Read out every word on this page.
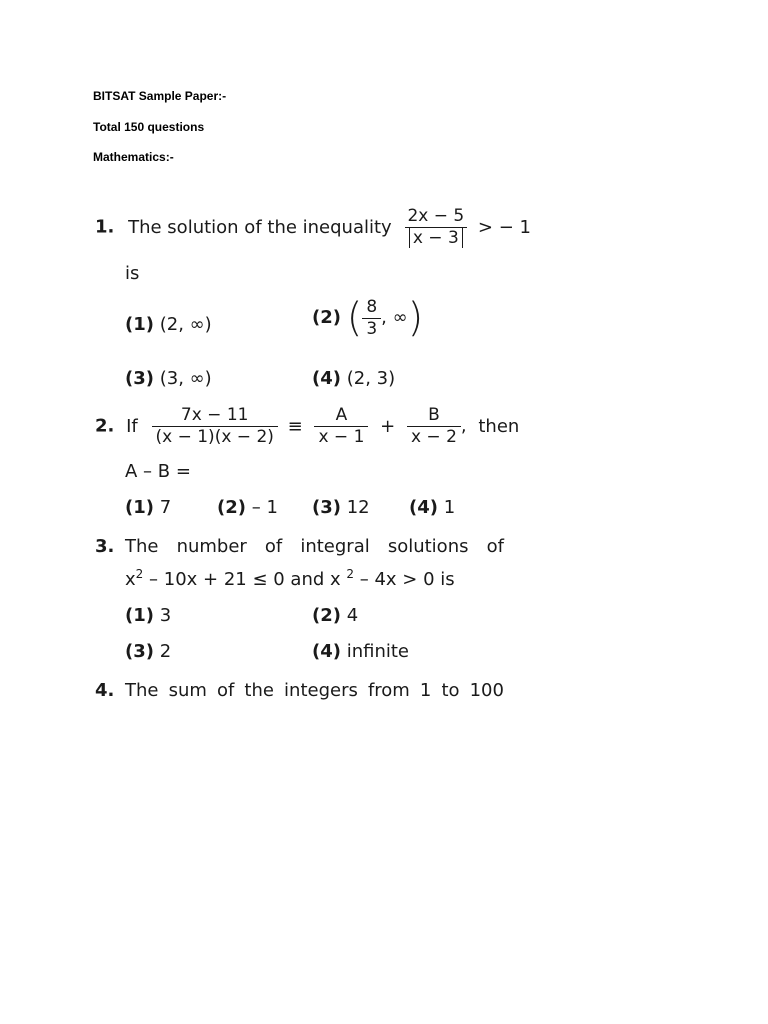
BITSAT Sample Paper:-
Total 150 questions
Mathematics:-
1. The solution of the inequality $\frac{2x - 5}{x - 3}$ > − 1
is
(1) (2, ∞)	(2) ( $\frac{8}{3}$ , ∞)
(3) (3, ∞)	(4) (2, 3)
2. If $\frac{7x - 11}{(x - 1)(x - 2)} \equiv \frac{A}{x - 1} + \frac{B}{x - 2}$ , then
A – B =
(1) 7	(2) – 1 (3) 12 (4) 1
3. The number of integral solutions of
$x^2 - 10x + 21 \le 0$ and x $^2$ – 4x > 0 is
(1) 3	(2) 4
(3) 2	(4) infinite
4. The sum of the integers from 1 to 100
